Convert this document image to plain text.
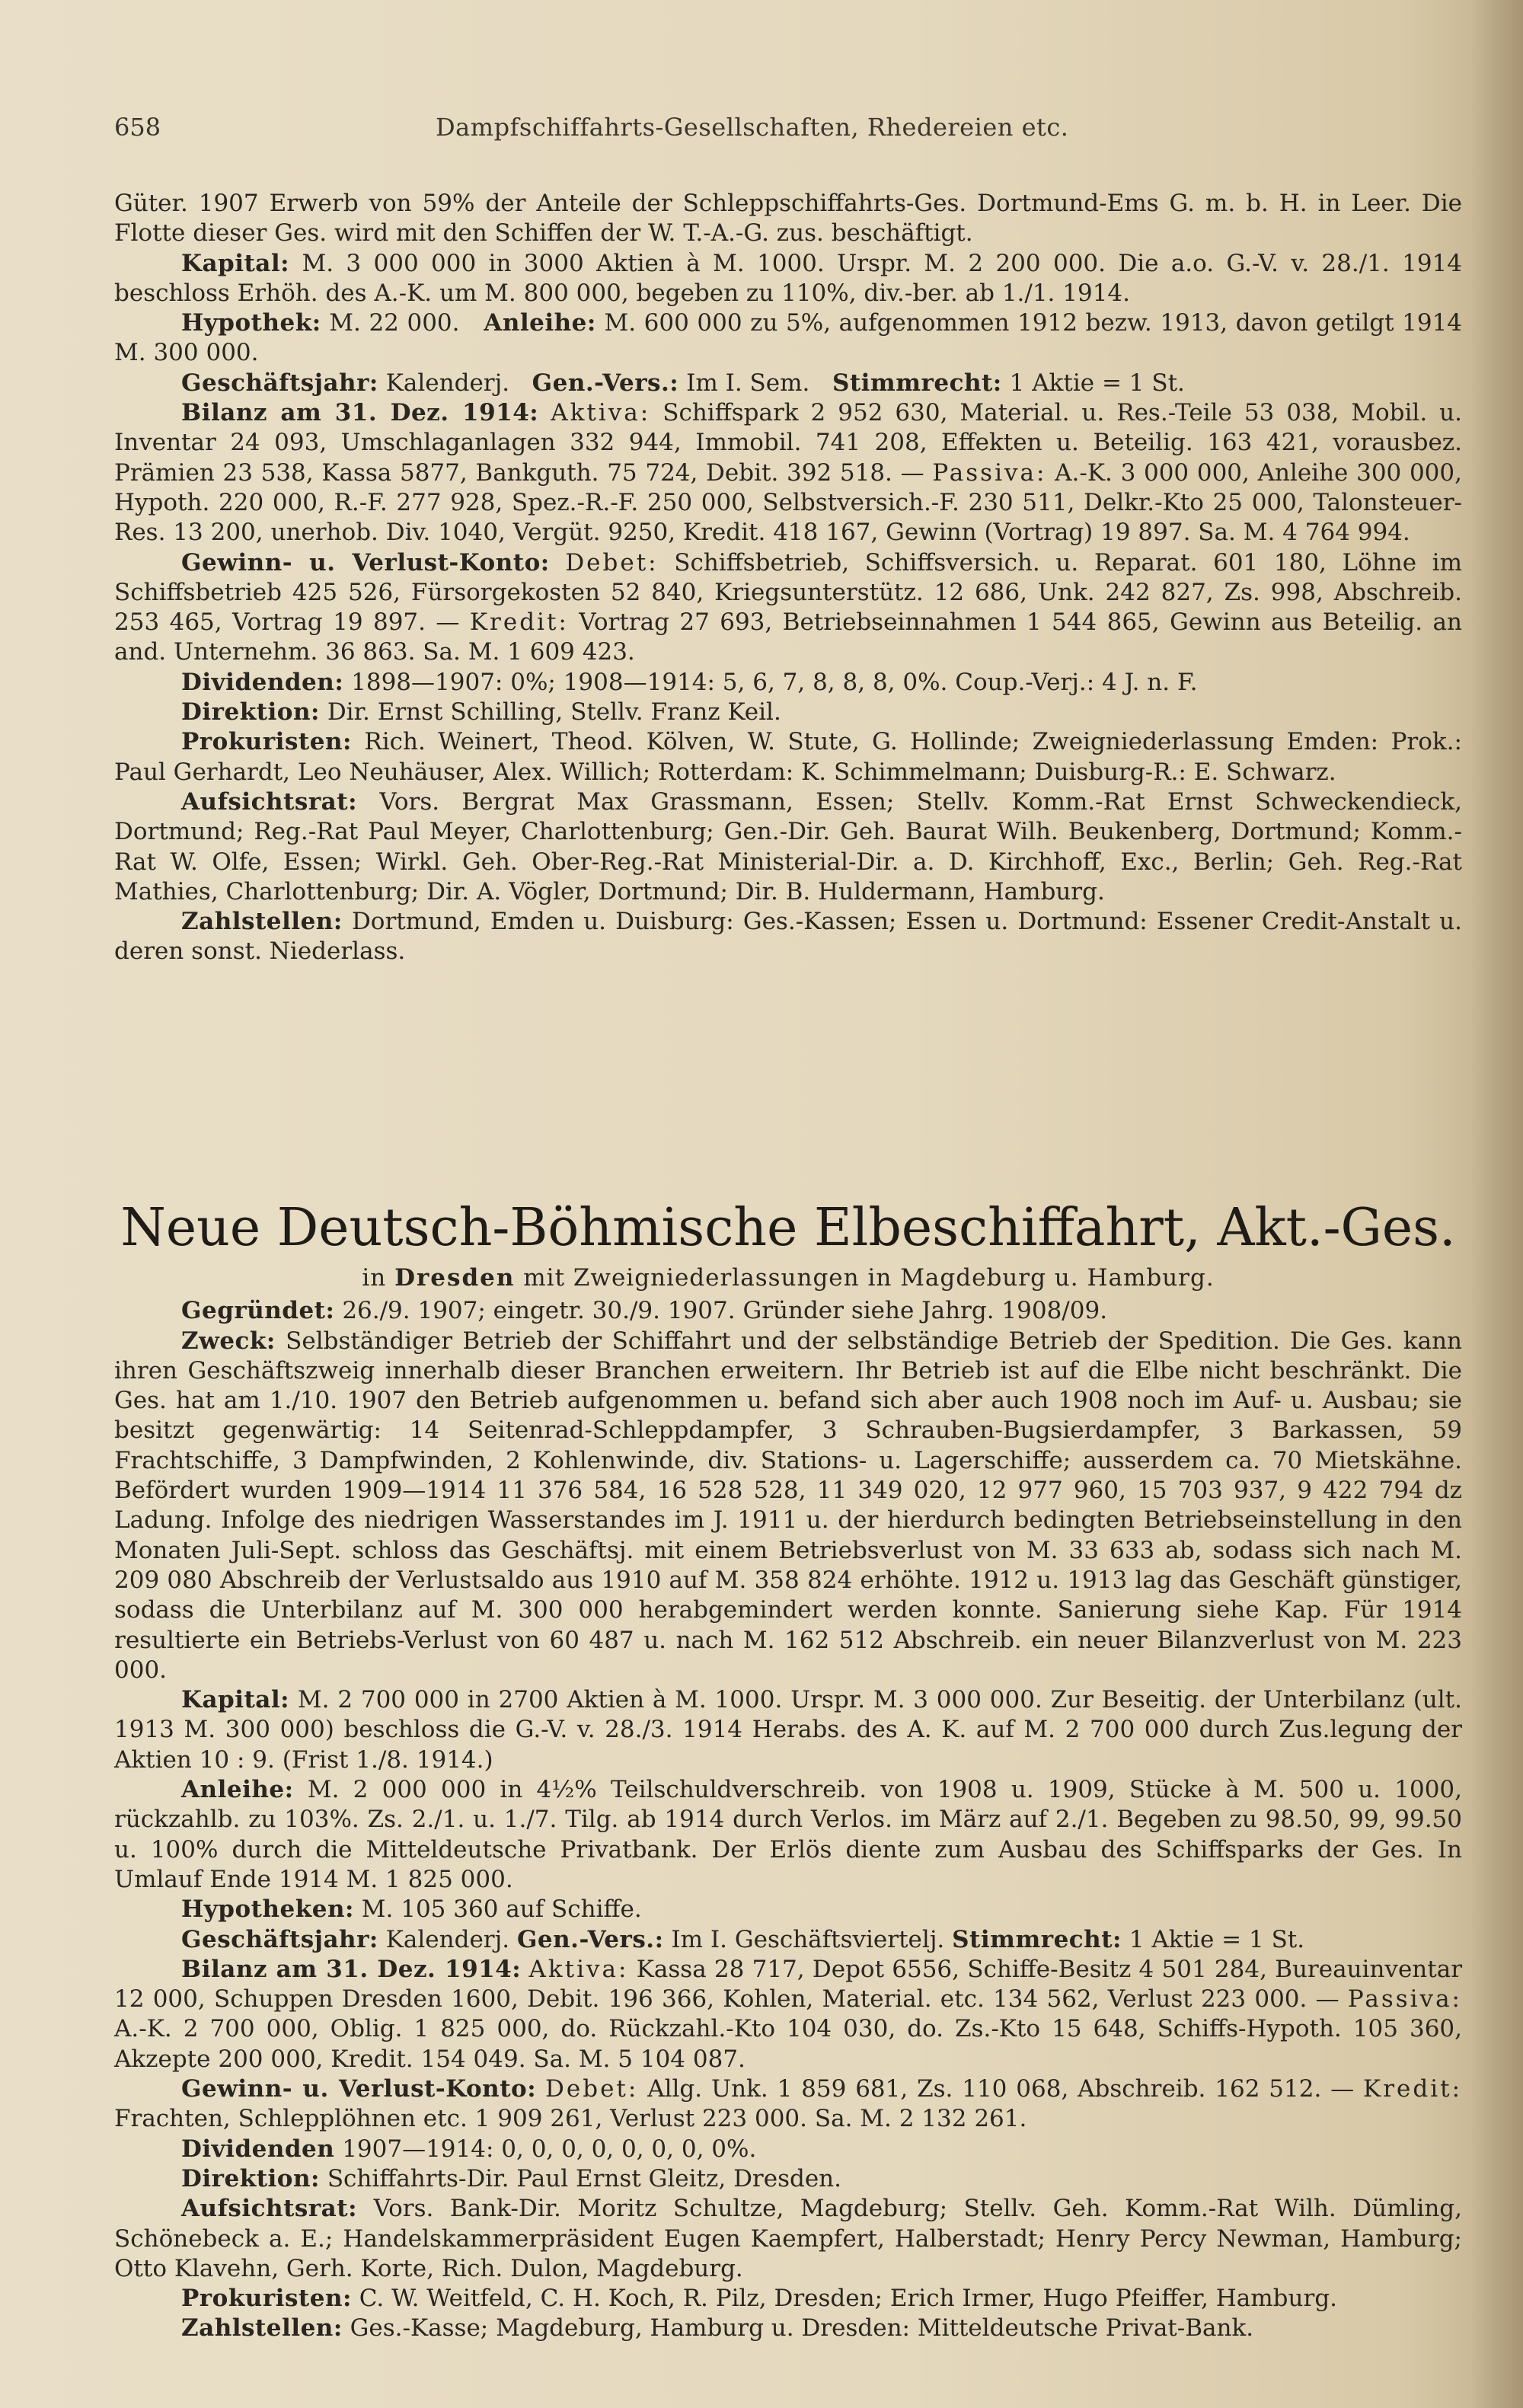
658	Dampfschiffahrts-Gesellschaften, Rhedereien etc.

Güter. 1907 Erwerb von 59% der Anteile der Schleppschiffahrts-Ges. Dortmund-Ems G. m. b. H. in Leer. Die Flotte dieser Ges. wird mit den Schiffen der W. T.-A.-G. zus. beschäftigt.

Kapital: M. 3 000 000 in 3000 Aktien à M. 1000. Urspr. M. 2 200 000. Die a.o. G.-V. v. 28./1. 1914 beschloss Erhöh. des A.-K. um M. 800 000, begeben zu 110%, div.-ber. ab 1./1. 1914.

Hypothek: M. 22 000. Anleihe: M. 600 000 zu 5%, aufgenommen 1912 bezw. 1913, davon getilgt 1914 M. 300 000.

Geschäftsjahr: Kalenderj. Gen.-Vers.: Im I. Sem. Stimmrecht: 1 Aktie = 1 St.

Bilanz am 31. Dez. 1914: Aktiva: Schiffspark 2 952 630, Material. u. Res.-Teile 53 038, Mobil. u. Inventar 24 093, Umschlaganlagen 332 944, Immobil. 741 208, Effekten u. Beteilig. 163 421, vorausbez. Prämien 23 538, Kassa 5877, Bankguth. 75 724, Debit. 392 518. — Passiva: A.-K. 3 000 000, Anleihe 300 000, Hypoth. 220 000, R.-F. 277 928, Spez.-R.-F. 250 000, Selbstversich.-F. 230 511, Delkr.-Kto 25 000, Talonsteuer-Res. 13 200, unerhob. Div. 1040, Vergüt. 9250, Kredit. 418 167, Gewinn (Vortrag) 19 897. Sa. M. 4 764 994.

Gewinn- u. Verlust-Konto: Debet: Schiffsbetrieb, Schiffsversich. u. Reparat. 601 180, Löhne im Schiffsbetrieb 425 526, Fürsorgekosten 52 840, Kriegsunterstütz. 12 686, Unk. 242 827, Zs. 998, Abschreib. 253 465, Vortrag 19 897. — Kredit: Vortrag 27 693, Betriebseinnahmen 1 544 865, Gewinn aus Beteilig. an and. Unternehm. 36 863. Sa. M. 1 609 423.

Dividenden: 1898—1907: 0%; 1908—1914: 5, 6, 7, 8, 8, 8, 0%. Coup.-Verj.: 4 J. n. F.

Direktion: Dir. Ernst Schilling, Stellv. Franz Keil.

Prokuristen: Rich. Weinert, Theod. Kölven, W. Stute, G. Hollinde; Zweigniederlassung Emden: Prok.: Paul Gerhardt, Leo Neuhäuser, Alex. Willich; Rotterdam: K. Schimmelmann; Duisburg-R.: E. Schwarz.

Aufsichtsrat: Vors. Bergrat Max Grassmann, Essen; Stellv. Komm.-Rat Ernst Schweckendieck, Dortmund; Reg.-Rat Paul Meyer, Charlottenburg; Gen.-Dir. Geh. Baurat Wilh. Beukenberg, Dortmund; Komm.-Rat W. Olfe, Essen; Wirkl. Geh. Ober-Reg.-Rat Ministerial-Dir. a. D. Kirchhoff, Exc., Berlin; Geh. Reg.-Rat Mathies, Charlottenburg; Dir. A. Vögler, Dortmund; Dir. B. Huldermann, Hamburg.

Zahlstellen: Dortmund, Emden u. Duisburg: Ges.-Kassen; Essen u. Dortmund: Essener Credit-Anstalt u. deren sonst. Niederlass.

Neue Deutsch-Böhmische Elbeschiffahrt, Akt.-Ges.
in Dresden mit Zweigniederlassungen in Magdeburg u. Hamburg.

Gegründet: 26./9. 1907; eingetr. 30./9. 1907. Gründer siehe Jahrg. 1908/09.

Zweck: Selbständiger Betrieb der Schiffahrt und der selbständige Betrieb der Spedition. Die Ges. kann ihren Geschäftszweig innerhalb dieser Branchen erweitern. Ihr Betrieb ist auf die Elbe nicht beschränkt. Die Ges. hat am 1./10. 1907 den Betrieb aufgenommen u. befand sich aber auch 1908 noch im Auf- u. Ausbau; sie besitzt gegenwärtig: 14 Seitenrad-Schleppdampfer, 3 Schrauben-Bugsierdampfer, 3 Barkassen, 59 Frachtschiffe, 3 Dampfwinden, 2 Kohlenwinde, div. Stations- u. Lagerschiffe; ausserdem ca. 70 Mietskähne. Befördert wurden 1909—1914 11 376 584, 16 528 528, 11 349 020, 12 977 960, 15 703 937, 9 422 794 dz Ladung. Infolge des niedrigen Wasserstandes im J. 1911 u. der hierdurch bedingten Betriebseinstellung in den Monaten Juli-Sept. schloss das Geschäftsj. mit einem Betriebsverlust von M. 33 633 ab, sodass sich nach M. 209 080 Abschreib der Verlustsaldo aus 1910 auf M. 358 824 erhöhte. 1912 u. 1913 lag das Geschäft günstiger, sodass die Unterbilanz auf M. 300 000 herabgemindert werden konnte. Sanierung siehe Kap. Für 1914 resultierte ein Betriebs-Verlust von 60 487 u. nach M. 162 512 Abschreib. ein neuer Bilanzverlust von M. 223 000.

Kapital: M. 2 700 000 in 2700 Aktien à M. 1000. Urspr. M. 3 000 000. Zur Beseitig. der Unterbilanz (ult. 1913 M. 300 000) beschloss die G.-V. v. 28./3. 1914 Herabs. des A. K. auf M. 2 700 000 durch Zus.legung der Aktien 10 : 9. (Frist 1./8. 1914.)

Anleihe: M. 2 000 000 in 4½% Teilschuldverschreib. von 1908 u. 1909, Stücke à M. 500 u. 1000, rückzahlb. zu 103%. Zs. 2./1. u. 1./7. Tilg. ab 1914 durch Verlos. im März auf 2./1. Begeben zu 98.50, 99, 99.50 u. 100% durch die Mitteldeutsche Privatbank. Der Erlös diente zum Ausbau des Schiffsparks der Ges. In Umlauf Ende 1914 M. 1 825 000.

Hypotheken: M. 105 360 auf Schiffe.

Geschäftsjahr: Kalenderj. Gen.-Vers.: Im I. Geschäftsviertelj. Stimmrecht: 1 Aktie = 1 St.

Bilanz am 31. Dez. 1914: Aktiva: Kassa 28 717, Depot 6556, Schiffe-Besitz 4 501 284, Bureauinventar 12 000, Schuppen Dresden 1600, Debit. 196 366, Kohlen, Material. etc. 134 562, Verlust 223 000. — Passiva: A.-K. 2 700 000, Oblig. 1 825 000, do. Rückzahl.-Kto 104 030, do. Zs.-Kto 15 648, Schiffs-Hypoth. 105 360, Akzepte 200 000, Kredit. 154 049. Sa. M. 5 104 087.

Gewinn- u. Verlust-Konto: Debet: Allg. Unk. 1 859 681, Zs. 110 068, Abschreib. 162 512. — Kredit: Frachten, Schlepplöhnen etc. 1 909 261, Verlust 223 000. Sa. M. 2 132 261.

Dividenden 1907—1914: 0, 0, 0, 0, 0, 0, 0, 0%.

Direktion: Schiffahrts-Dir. Paul Ernst Gleitz, Dresden.

Aufsichtsrat: Vors. Bank-Dir. Moritz Schultze, Magdeburg; Stellv. Geh. Komm.-Rat Wilh. Dümling, Schönebeck a. E.; Handelskammerpräsident Eugen Kaempfert, Halberstadt; Henry Percy Newman, Hamburg; Otto Klavehn, Gerh. Korte, Rich. Dulon, Magdeburg.

Prokuristen: C. W. Weitfeld, C. H. Koch, R. Pilz, Dresden; Erich Irmer, Hugo Pfeiffer, Hamburg.

Zahlstellen: Ges.-Kasse; Magdeburg, Hamburg u. Dresden: Mitteldeutsche Privat-Bank.
